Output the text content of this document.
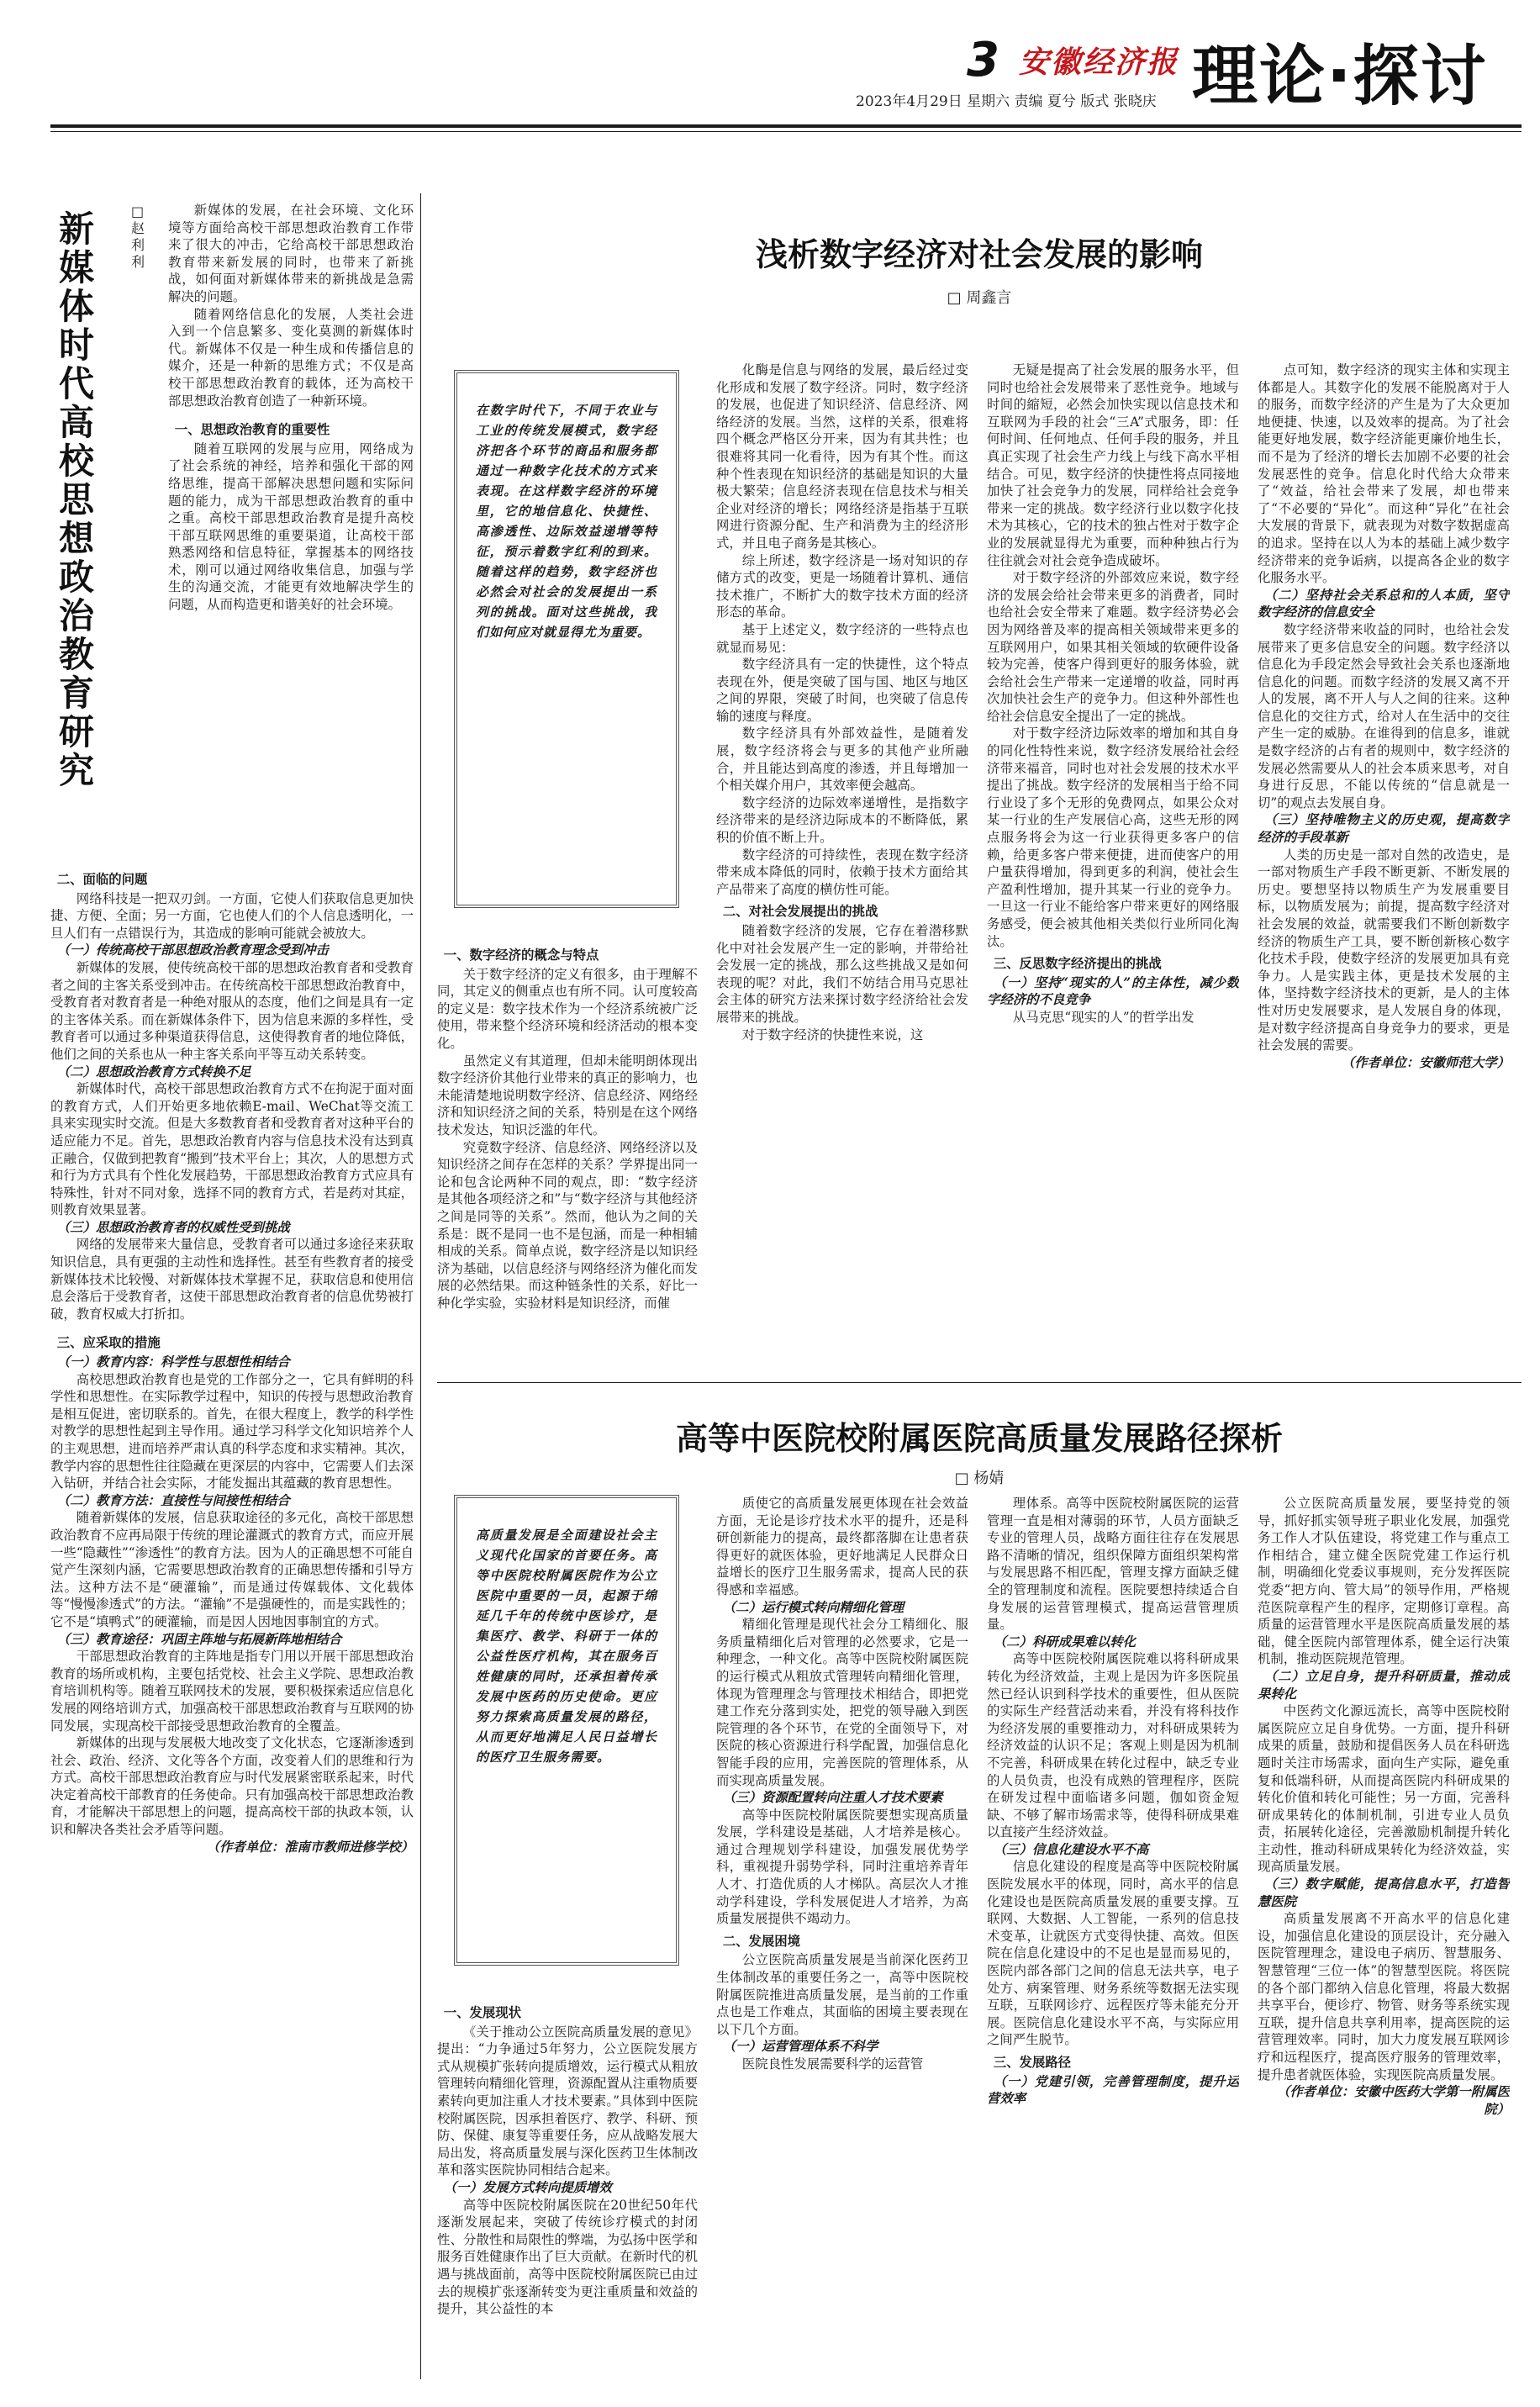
3 安徽经济报
2023年4月29日 星期六 责编 夏兮 版式 张晓庆 理论·探讨
新媒体时代高校思想政治教育研究
□ 赵利利

新媒体的发展，在社会环境、文化环境等方面给高校干部思想政治教育工作带来了很大的冲击，它给高校干部思想政治教育带来新发展的同时，也带来了新挑战，如何面对新媒体带来的新挑战是急需解决的问题。

随着网络信息化的发展，人类社会进入到一个信息繁多、变化莫测的新媒体时代。新媒体不仅是一种生成和传播信息的媒介，还是一种新的思维方式；不仅是高校干部思想政治教育的载体，还为高校干部思想政治教育创造了一种新环境。

一、思想政治教育的重要性

随着互联网的发展与应用，网络成为了社会系统的神经，培养和强化干部的网络思维，提高干部解决思想问题和实际问题的能力，成为干部思想政治教育的重中之重。高校干部思想政治教育是提升高校干部互联网思维的重要渠道，让高校干部熟悉网络和信息特征，掌握基本的网络技术，刚可以通过网络收集信息，加强与学生的沟通交流，才能更有效地解决学生的问题，从而构造更和谐美好的社会环境。

二、面临的问题

网络科技是一把双刃剑。一方面，它使人们获取信息更加快捷、方便、全面；另一方面，它也使人们的个人信息透明化，一旦人们有一点错误行为，其造成的影响可能就会被放大。

（一）传统高校干部思想政治教育理念受到冲击

新媒体的发展，使传统高校干部的思想政治教育者和受教育者之间的主客关系受到冲击。在传统高校干部思想政治教育中，受教育者对教育者是一种绝对服从的态度，他们之间是具有一定的主客体关系。而在新媒体条件下，因为信息来源的多样性，受教育者可以通过多种渠道获得信息，这使得教育者的地位降低，他们之间的关系也从一种主客关系向平等互动关系转变。

（二）思想政治教育方式转换不足

新媒体时代，高校干部思想政治教育方式不在拘泥于面对面的教育方式，人们开始更多地依赖E-mail、WeChat等交流工具来实现实时交流。但是大多数教育者和受教育者对这种平台的适应能力不足。首先，思想政治教育内容与信息技术没有达到真正融合，仅做到把教育“搬到”技术平台上；其次，人的思想方式和行为方式具有个性化发展趋势，干部思想政治教育方式应具有特殊性，针对不同对象，选择不同的教育方式，若是药对其症，则教育效果显著。

（三）思想政治教育者的权威性受到挑战

网络的发展带来大量信息，受教育者可以通过多途径来获取知识信息，具有更强的主动性和选择性。甚至有些教育者的接受新媒体技术比较慢、对新媒体技术掌握不足，获取信息和使用信息会落后于受教育者，这使干部思想政治教育者的信息优势被打破，教育权威大打折扣。

三、应采取的措施

（一）教育内容：科学性与思想性相结合

高校思想政治教育也是党的工作部分之一，它具有鲜明的科学性和思想性。在实际教学过程中，知识的传授与思想政治教育是相互促进，密切联系的。首先，在很大程度上，教学的科学性对教学的思想性起到主导作用。通过学习科学文化知识培养个人的主观思想，进而培养严肃认真的科学态度和求实精神。其次，教学内容的思想性往往隐藏在更深层的内容中，它需要人们去深入钻研，并结合社会实际，才能发掘出其蕴藏的教育思想性。

（二）教育方法：直接性与间接性相结合

随着新媒体的发展，信息获取途径的多元化，高校干部思想政治教育不应再局限于传统的理论灌溉式的教育方式，而应开展一些“隐藏性”“渗透性”的教育方法。因为人的正确思想不可能自觉产生深刻内涵，它需要思想政治教育的正确思想传播和引导方法。这种方法不是“硬灌输”，而是通过传媒载体、文化载体等“慢慢渗透式”的方法。“灌输”不是强硬性的，而是实践性的；它不是“填鸭式”的硬灌输，而是因人因地因事制宜的方式。

（三）教育途径：巩固主阵地与拓展新阵地相结合

干部思想政治教育的主阵地是指专门用以开展干部思想政治教育的场所或机构，主要包括党校、社会主义学院、思想政治教育培训机构等。随着互联网技术的发展，要积极探索适应信息化发展的网络培训方式，加强高校干部思想政治教育与互联网的协同发展，实现高校干部接受思想政治教育的全覆盖。

新媒体的出现与发展极大地改变了文化状态，它逐渐渗透到社会、政治、经济、文化等各个方面，改变着人们的思维和行为方式。高校干部思想政治教育应与时代发展紧密联系起来，时代决定着高校干部教育的任务使命。只有加强高校干部思想政治教育，才能解决干部思想上的问题，提高高校干部的执政本领，认识和解决各类社会矛盾等问题。

（作者单位：淮南市教师进修学校）

浅析数字经济对社会发展的影响
□ 周鑫言
在数字时代下，不同于农业与工业的传统发展模式，数字经济把各个环节的商品和服务都通过一种数字化技术的方式来表现。在这样数字经济的环境里，它的地信息化、快捷性、高渗透性、边际效益递增等特征，预示着数字红利的到来。随着这样的趋势，数字经济也必然会对社会的发展提出一系列的挑战。面对这些挑战，我们如何应对就显得尤为重要。

一、数字经济的概念与特点

关于数字经济的定义有很多，由于理解不同，其定义的侧重点也有所不同。认可度较高的定义是：数字技术作为一个经济系统被广泛使用，带来整个经济环境和经济活动的根本变化。

虽然定义有其道理，但却未能明朗体现出数字经济价其他行业带来的真正的影响力，也未能清楚地说明数字经济、信息经济、网络经济和知识经济之间的关系，特别是在这个网络技术发达，知识泛滥的年代。

究竟数字经济、信息经济、网络经济以及知识经济之间存在怎样的关系？学界提出同一论和包含论两种不同的观点，即：“数字经济是其他各项经济之和”与“数字经济与其他经济之间是同等的关系”。然而，他认为之间的关系是：既不是同一也不是包涵，而是一种相辅相成的关系。简单点说，数字经济是以知识经济为基础，以信息经济与网络经济为催化而发展的必然结果。而这种链条性的关系，好比一种化学实验，实验材料是知识经济，而催

化酶是信息与网络的发展，最后经过变化形成和发展了数字经济。同时，数字经济的发展，也促进了知识经济、信息经济、网络经济的发展。当然，这样的关系，很难将四个概念严格区分开来，因为有其共性；也很难将其同一化看待，因为有其个性。而这种个性表现在知识经济的基础是知识的大量极大繁荣；信息经济表现在信息技术与相关企业对经济的增长；网络经济是指基于互联网进行资源分配、生产和消费为主的经济形式，并且电子商务是其核心。

综上所述，数字经济是一场对知识的存储方式的改变，更是一场随着计算机、通信技术推广，不断扩大的数字技术方面的经济形态的革命。

基于上述定义，数字经济的一些特点也就显而易见：

数字经济具有一定的快捷性，这个特点表现在外，便是突破了国与国、地区与地区之间的界限，突破了时间，也突破了信息传输的速度与释度。

数字经济具有外部效益性，是随着发展，数字经济将会与更多的其他产业所融合，并且能达到高度的渗透，并且每增加一个相关媒介用户，其效率便会越高。

数字经济的边际效率递增性，是指数字经济带来的是经济边际成本的不断降低，累积的价值不断上升。

数字经济的可持续性，表现在数字经济带来成本降低的同时，依赖于技术方面给其产品带来了高度的横仿性可能。

二、对社会发展提出的挑战

随着数字经济的发展，它存在着潜移默化中对社会发展产生一定的影响，并带给社会发展一定的挑战，那么这些挑战又是如何表现的呢？对此，我们不妨结合用马克思社会主体的研究方法来探讨数字经济给社会发展带来的挑战。

对于数字经济的快捷性来说，这

无疑是提高了社会发展的服务水平，但同时也给社会发展带来了恶性竞争。地域与时间的縮短，必然会加快实现以信息技术和互联网为手段的社会“三A”式服务，即：任何时间、任何地点、任何手段的服务，并且真正实现了社会生产力线上与线下高水平相结合。可见，数字经济的快捷性将点同接地加快了社会竞争力的发展，同样给社会竞争带来一定的挑战。数字经济行业以数字化技术为其核心，它的技术的独占性对于数字企业的发展就显得尤为重要，而种种独占行为往往就会对社会竞争造成破坏。

对于数字经济的外部效应来说，数字经济的发展会给社会带来更多的消费者，同时也给社会安全带来了难题。数字经济势必会因为网络普及率的提高相关领域带来更多的互联网用户，如果其相关领域的软硬件设备较为完善，使客户得到更好的服务体验，就会给社会生产带来一定递增的收益，同时再次加快社会生产的竞争力。但这种外部性也给社会信息安全提出了一定的挑战。

对于数字经济边际效率的增加和其自身的同化性特性来说，数字经济发展给社会经济带来福音，同时也对社会发展的技术水平提出了挑战。数字经济的发展相当于给不同行业设了多个无形的免费网点，如果公众对某一行业的生产发展信心高，这些无形的网点服务将会为这一行业获得更多客户的信赖，给更多客户带来便捷，进而使客户的用户量获得增加，得到更多的利润，使社会生产盈利性增加，提升其某一行业的竞争力。一旦这一行业不能给客户带来更好的网络服务感受，便会被其他相关类似行业所同化淘汰。

三、反思数字经济提出的挑战

（一）坚持“现实的人”的主体性，减少数字经济的不良竞争

从马克思“现实的人”的哲学出发

点可知，数字经济的现实主体和实现主体都是人。其数字化的发展不能脱离对于人的服务，而数字经济的产生是为了大众更加地便捷、快速，以及效率的提高。为了社会能更好地发展，数字经济能更廉价地生长，而不是为了经济的增长去加剧不必要的社会发展恶性的竞争。信息化时代给大众带来了“效益，给社会带来了发展，却也带来了“不必要的“异化”。而这种“异化”在社会大发展的背景下，就表现为对数字数据虚高的追求。坚持在以人为本的基础上减少数字经济带来的竞争诟病，以提高各企业的数字化服务水平。

（二）坚持社会关系总和的人本质，坚守数字经济的信息安全

数字经济带来收益的同时，也给社会发展带来了更多信息安全的问题。数字经济以信息化为手段定然会导致社会关系也逐渐地信息化的问题。而数字经济的发展又离不开人的发展，离不开人与人之间的往来。这种信息化的交往方式，给对人在生活中的交往产生一定的威胁。在谁得到的信息多，谁就是数字经济的占有者的规则中，数字经济的发展必然需要从人的社会本质来思考，对自身进行反思，不能以传统的“信息就是一切”的观点去发展自身。

（三）坚持唯物主义的历史观，提高数字经济的手段革新

人类的历史是一部对自然的改造史，是一部对物质生产手段不断更新、不断发展的历史。要想坚持以物质生产为发展重要目标，以物质发展为；前提，提高数字经济对社会发展的效益，就需要我们不断创新数字经济的物质生产工具，要不断创新核心数字化技术手段，使数字经济的发展更加具有竞争力。人是实践主体，更是技术发展的主体，坚持数字经济技术的更新，是人的主体性对历史发展要求，是人发展自身的体现，是对数字经济提高自身竞争力的要求，更是社会发展的需要。

（作者单位：安徽师范大学）

高等中医院校附属医院高质量发展路径探析
□ 杨婧
高质量发展是全面建设社会主义现代化国家的首要任务。高等中医院校附属医院作为公立医院中重要的一员，起源于绵延几千年的传统中医诊疗，是集医疗、教学、科研于一体的公益性医疗机构，其在服务百姓健康的同时，还承担着传承发展中医药的历史使命。更应努力探索高质量发展的路径，从而更好地满足人民日益增长的医疗卫生服务需要。

一、发展现状

《关于推动公立医院高质量发展的意见》提出：“力争通过5年努力，公立医院发展方式从规模扩张转向提质增效，运行模式从粗放管理转向精细化管理，资源配置从注重物质要素转向更加注重人才技术要素。”具体到中医院校附属医院，因承担着医疗、教学、科研、预防、保健、康复等重要任务，应从战略发展大局出发，将高质量发展与深化医药卫生体制改革和落实医院协同相结合起来。

（一）发展方式转向提质增效

高等中医院校附属医院在20世纪50年代逐渐发展起来，突破了传统诊疗模式的封闭性、分散性和局限性的弊端，为弘扬中医学和服务百姓健康作出了巨大贡献。在新时代的机遇与挑战面前，高等中医院校附属医院已由过去的规模扩张逐渐转变为更注重质量和效益的提升，其公益性的本

质使它的高质量发展更体现在社会效益方面，无论是诊疗技术水平的提升，还是科研创新能力的提高，最终都落脚在让患者获得更好的就医体验，更好地满足人民群众日益增长的医疗卫生服务需求，提高人民的获得感和幸福感。

（二）运行模式转向精细化管理

精细化管理是现代社会分工精细化、服务质量精细化后对管理的必然要求，它是一种理念，一种文化。高等中医院校附属医院的运行模式从粗放式管理转向精细化管理，体现为管理理念与管理技术相结合，即把党建工作充分落到实处，把党的领导融入到医院管理的各个环节，在党的全面领导下，对医院的核心资源进行科学配置，加强信息化智能手段的应用，完善医院的管理体系，从而实现高质量发展。

（三）资源配置转向注重人才技术要素

高等中医院校附属医院要想实现高质量发展，学科建设是基础，人才培养是核心。通过合理规划学科建设，加强发展优势学科，重视提升弱势学科，同时注重培养青年人才、打造优质的人才梯队。高层次人才推动学科建设，学科发展促进人才培养，为高质量发展提供不竭动力。

二、发展困境

公立医院高质量发展是当前深化医药卫生体制改革的重要任务之一，高等中医院校附属医院推进高质量发展，是当前的工作重点也是工作难点，其面临的困境主要表现在以下几个方面。

（一）运营管理体系不科学

医院良性发展需要科学的运营管

理体系。高等中医院校附属医院的运营管理一直是相对薄弱的环节，人员方面缺乏专业的管理人员，战略方面往往存在发展思路不清晰的情况，组织保障方面组织架构常与发展思路不相匹配，管理支撑方面缺乏健全的管理制度和流程。医院要想持续适合自身发展的运营管理模式，提高运营管理质量。

（二）科研成果难以转化

高等中医院校附属医院难以将科研成果转化为经济效益，主观上是因为许多医院虽然已经认识到科学技术的重要性，但从医院的实际生产经营活动来看，并没有将科技作为经济发展的重要推动力，对科研成果转为经济效益的认识不足；客观上则是因为机制不完善，科研成果在转化过程中，缺乏专业的人员负责，也没有成熟的管理程序，医院在研发过程中面临诸多问题，伽如资金短缺、不够了解市场需求等，使得科研成果难以直接产生经济效益。

（三）信息化建设水平不高

信息化建设的程度是高等中医院校附属医院发展水平的体现，同时，高水平的信息化建设也是医院高质量发展的重要支撑。互联网、大数据、人工智能，一系列的信息技术变革，让就医方式变得快捷、高效。但医院在信息化建设中的不足也是显而易见的，医院内部各部门之间的信息无法共享，电子处方、病案管理、财务系统等数据无法实现互联，互联网诊疗、远程医疗等未能充分开展。医院信息化建设水平不高，与实际应用之间严生脱节。

三、发展路径

（一）党建引领，完善管理制度，提升运营效率

公立医院高质量发展，要坚持党的领导，抓好抓实领导班子职业化发展，加强党务工作人才队伍建设，将党建工作与重点工作相结合，建立健全医院党建工作运行机制，明确细化党委议事规则，充分发挥医院党委“把方向、管大局”的领导作用，严格规范医院章程产生的程序，定期修订章程。高质量的运营管理水平是医院高质量发展的基础，健全医院内部管理体系，健全运行决策机制，推动医院规范管理。

（二）立足自身，提升科研质量，推动成果转化

中医药文化源远流长，高等中医院校附属医院应立足自身优势。一方面，提升科研成果的质量，鼓励和提倡医务人员在科研选题时关注市场需求，面向生产实际，避免重复和低端科研，从而提高医院内科研成果的转化价值和转化可能性；另一方面，完善科研成果转化的体制机制，引进专业人员负责，拓展转化途径，完善激励机制提升转化主动性，推动科研成果转化为经济效益，实现高质量发展。

（三）数字赋能，提高信息水平，打造智慧医院

高质量发展离不开高水平的信息化建设，加强信息化建设的顶层设计，充分融入医院管理理念，建设电子病历、智慧服务、智慧管理“三位一体”的智慧型医院。将医院的各个部门都纳入信息化管理，将最大数据共享平台，便诊疗、物管、财务等系统实现互联，提升信息共享利用率，提高医院的运营管理效率。同时，加大力度发展互联网诊疗和远程医疗，提高医疗服务的管理效率，提升患者就医体验，实现医院高质量发展。

（作者单位：安徽中医药大学第一附属医院）
